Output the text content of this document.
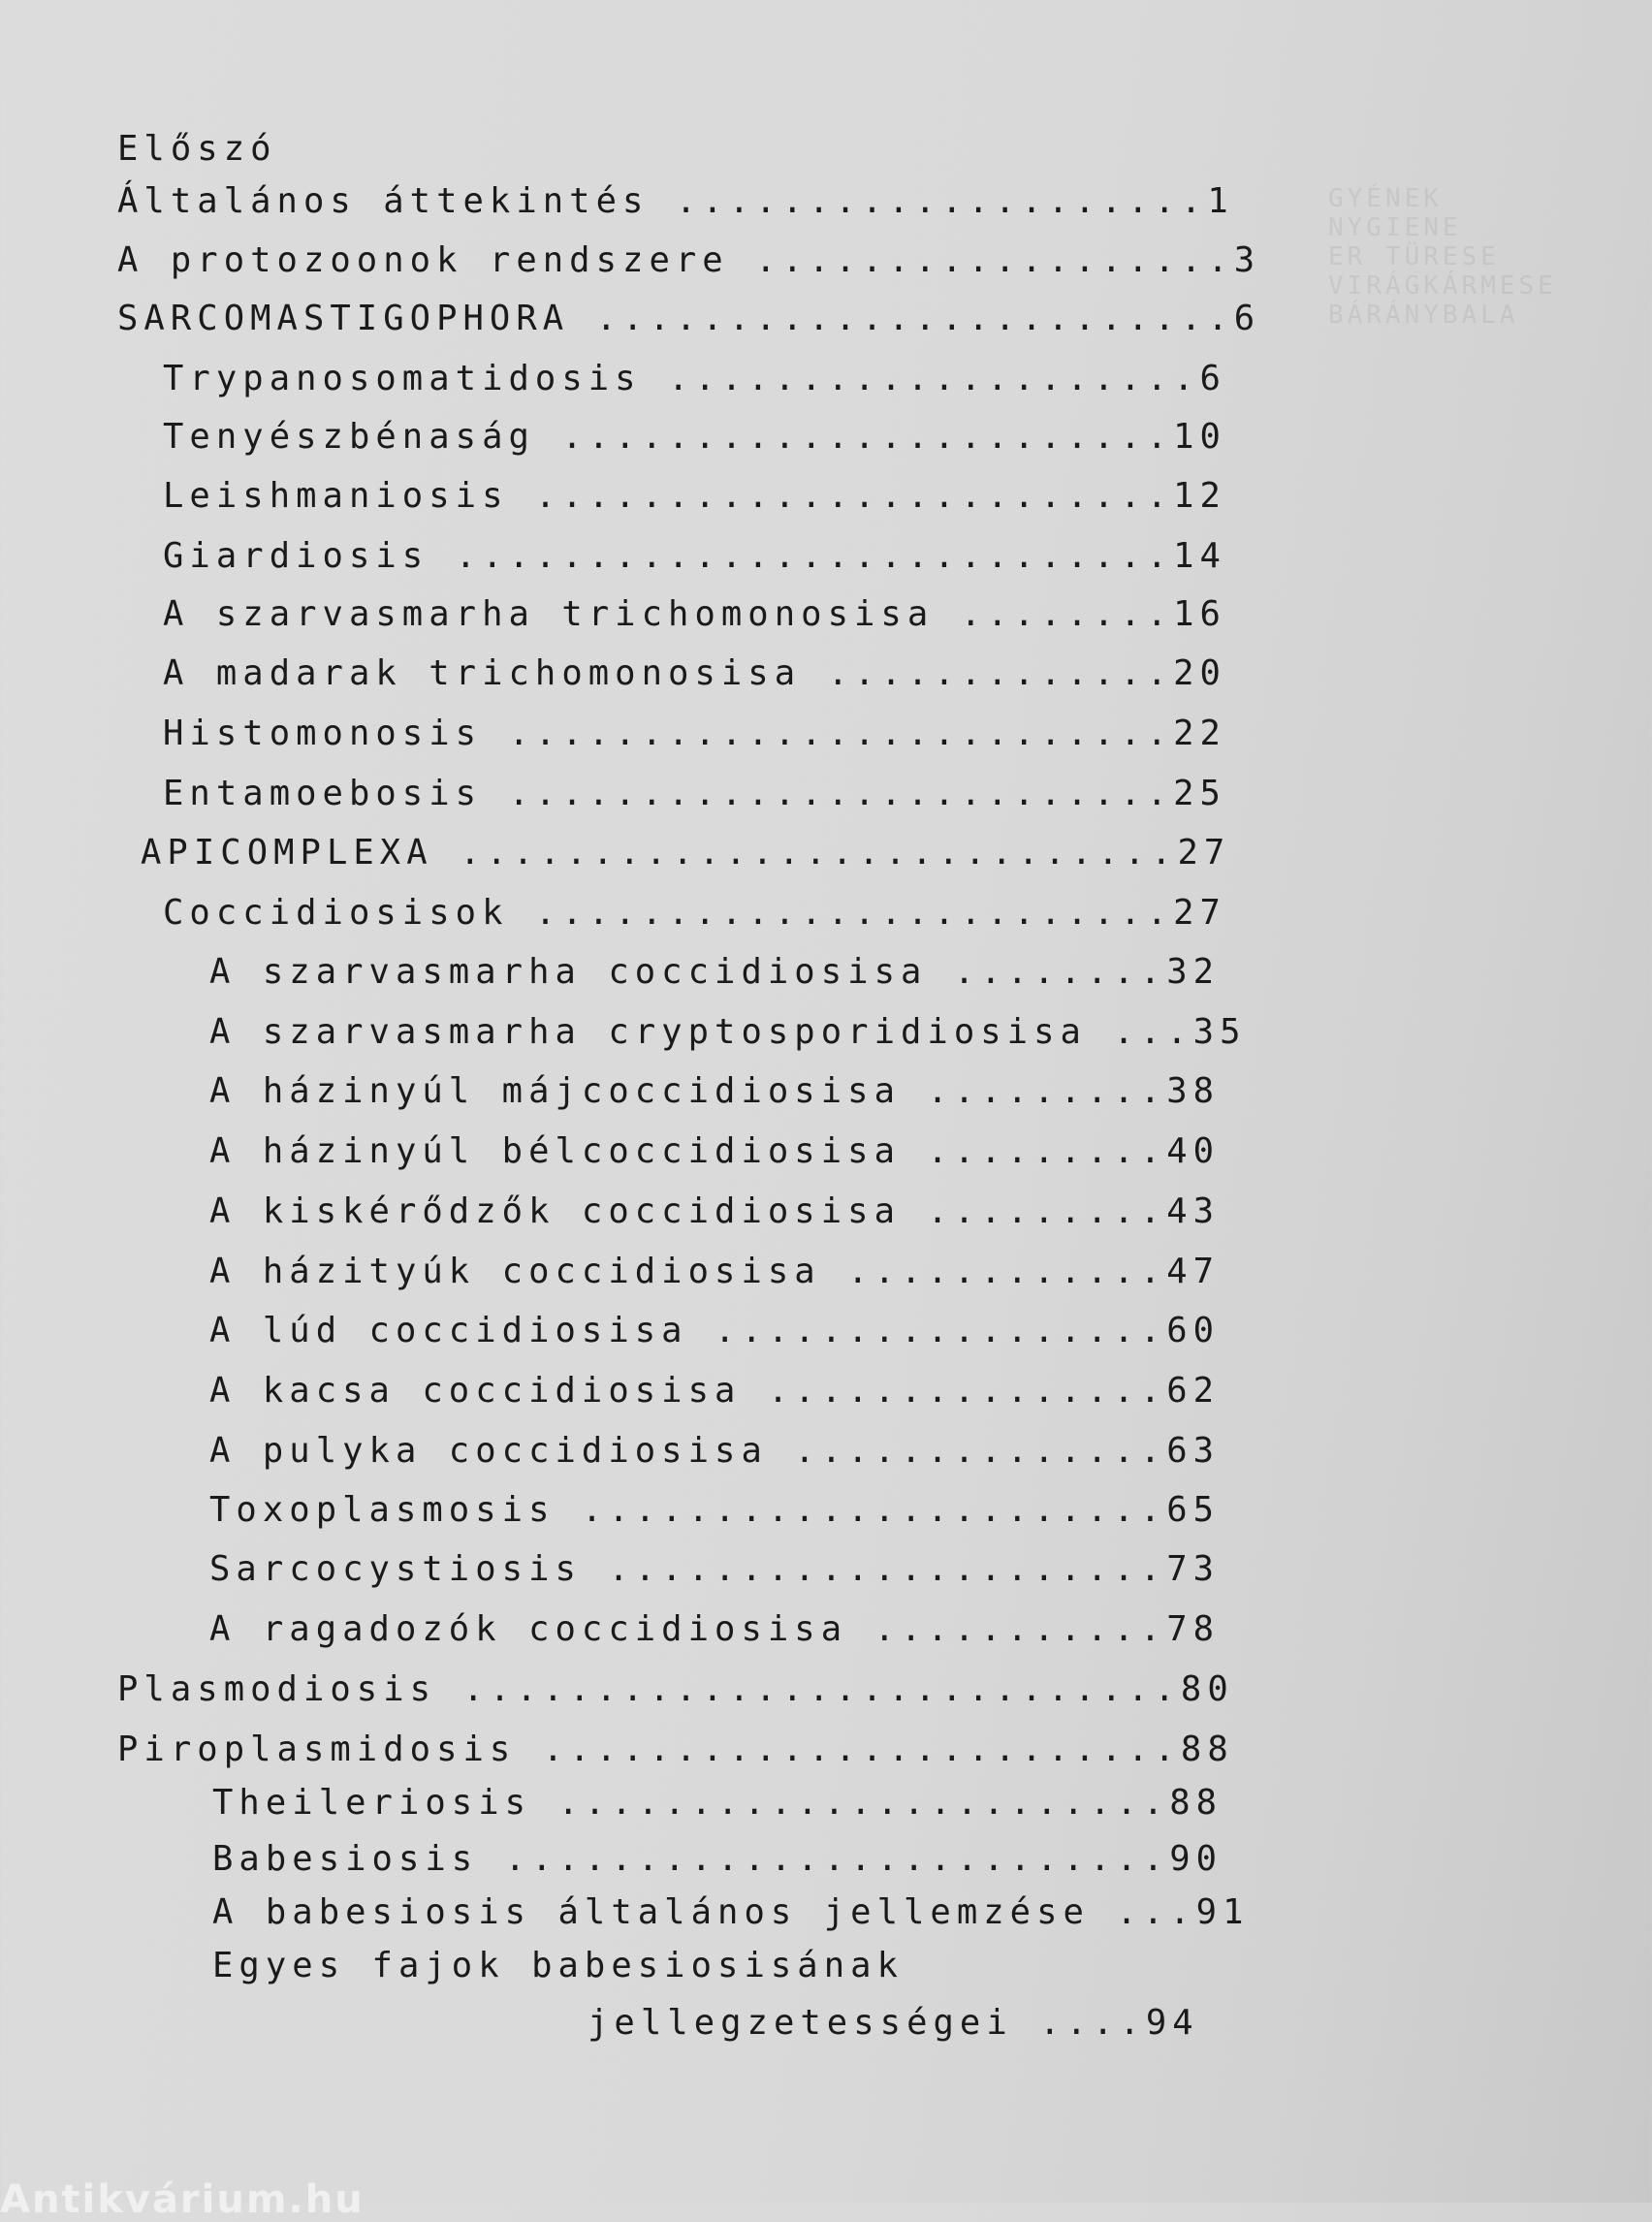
GYÉNEK
NYGIENE
ER TÜRESE
VIRÁGKÁRMESE
BÁRÁNYBALA

Előszó

Általános áttekintés ....................1

A protozoonok rendszere ..................3

SARCOMASTIGOPHORA ........................6

Trypanosomatidosis ....................6

Tenyészbénaság .......................10

Leishmaniosis ........................12

Giardiosis ...........................14

A szarvasmarha trichomonosisa ........16

A madarak trichomonosisa .............20

Histomonosis .........................22

Entamoebosis .........................25

APICOMPLEXA ...........................27

Coccidiosisok ........................27

A szarvasmarha coccidiosisa ........32

A szarvasmarha cryptosporidiosisa ...35

A házinyúl májcoccidiosisa .........38

A házinyúl bélcoccidiosisa .........40

A kiskérődzők coccidiosisa .........43

A házityúk coccidiosisa ............47

A lúd coccidiosisa .................60

A kacsa coccidiosisa ...............62

A pulyka coccidiosisa ..............63

Toxoplasmosis ......................65

Sarcocystiosis .....................73

A ragadozók coccidiosisa ...........78

Plasmodiosis ...........................80

Piroplasmidosis ........................88

Theileriosis .......................88

Babesiosis .........................90

A babesiosis általános jellemzése ...91

Egyes fajok babesiosisának

jellegzetességei ....94

Antikvárium.hu
